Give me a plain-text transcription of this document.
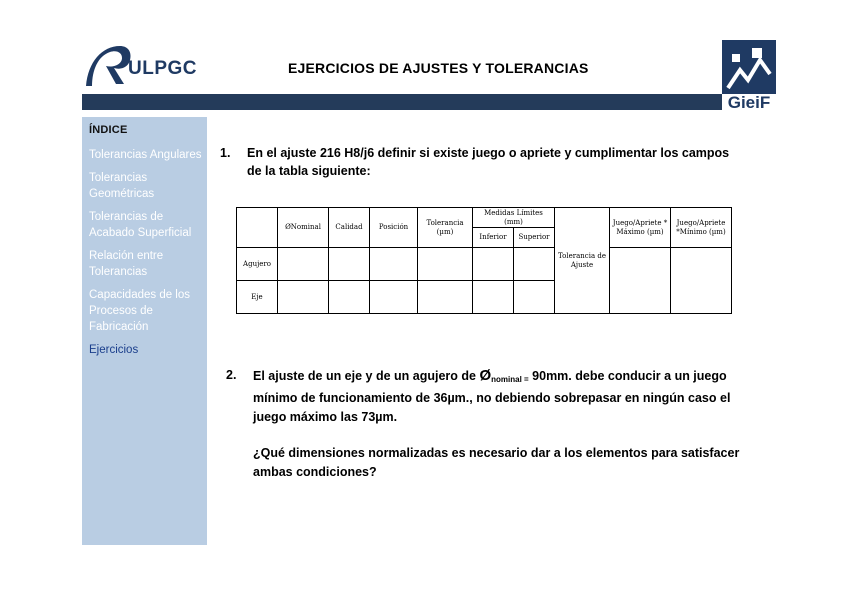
ULPGC	EJERCICIOS DE AJUSTES Y TOLERANCIAS
GieiF
ÍNDICE
Tolerancias Angulares
Tolerancias Geométricas
Tolerancias de Acabado Superficial
Relación entre Tolerancias
Capacidades de los Procesos de Fabricación
Ejercicios
1. En el ajuste 216 H8/j6 definir si existe juego o apriete y cumplimentar los campos de la tabla siguiente:
	ØNominal	Calidad	Posición	Tolerancia (µm)	Medidas Límites (mm)		Tolerancia de Ajuste	Juego/Apriete * Máximo (µm)	Juego/Apriete *Mínimo (µm)
					Inferior	Superior			
Agujero									
Eje									
2. El ajuste de un eje y de un agujero de $Ø_{nominal =}$ 90mm. debe conducir a un juego mínimo de funcionamiento de 36µm., no debiendo sobrepasar en ningún caso el juego máximo las 73µm.
¿Qué dimensiones normalizadas es necesario dar a los elementos para satisfacer ambas condiciones?
